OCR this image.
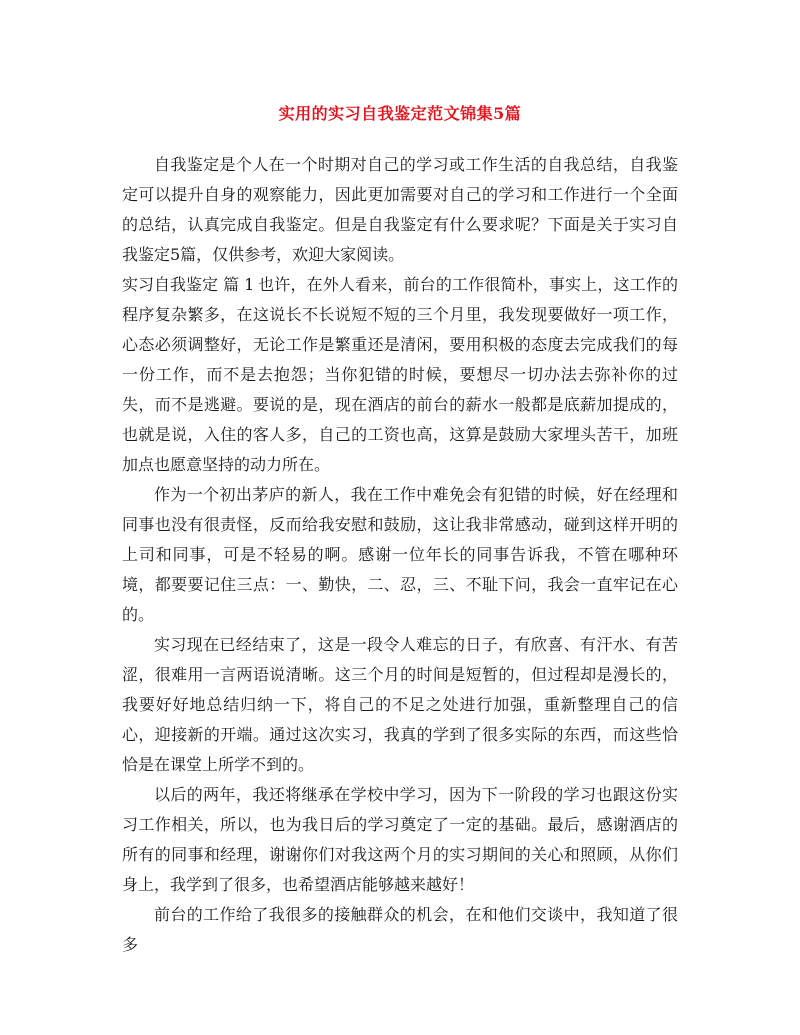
实用的实习自我鉴定范文锦集5篇

自我鉴定是个人在一个时期对自己的学习或工作生活的自我总结，自我鉴定可以提升自身的观察能力，因此更加需要对自己的学习和工作进行一个全面的总结，认真完成自我鉴定。但是自我鉴定有什么要求呢？下面是关于实习自我鉴定5篇，仅供参考，欢迎大家阅读。

实习自我鉴定 篇 1 也许，在外人看来，前台的工作很简朴，事实上，这工作的程序复杂繁多，在这说长不长说短不短的三个月里，我发现要做好一项工作，心态必须调整好，无论工作是繁重还是清闲，要用积极的态度去完成我们的每一份工作，而不是去抱怨；当你犯错的时候，要想尽一切办法去弥补你的过失，而不是逃避。要说的是，现在酒店的前台的薪水一般都是底薪加提成的，也就是说，入住的客人多，自己的工资也高，这算是鼓励大家埋头苦干，加班加点也愿意坚持的动力所在。

作为一个初出茅庐的新人，我在工作中难免会有犯错的时候，好在经理和同事也没有很责怪，反而给我安慰和鼓励，这让我非常感动，碰到这样开明的上司和同事，可是不轻易的啊。感谢一位年长的同事告诉我，不管在哪种环境，都要要记住三点：一、勤快，二、忍，三、不耻下问，我会一直牢记在心的。

实习现在已经结束了，这是一段令人难忘的日子，有欣喜、有汗水、有苦涩，很难用一言两语说清晰。这三个月的时间是短暂的，但过程却是漫长的，我要好好地总结归纳一下，将自己的不足之处进行加强，重新整理自己的信心，迎接新的开端。通过这次实习，我真的学到了很多实际的东西，而这些恰恰是在课堂上所学不到的。

以后的两年，我还将继承在学校中学习，因为下一阶段的学习也跟这份实习工作相关，所以，也为我日后的学习奠定了一定的基础。最后，感谢酒店的所有的同事和经理，谢谢你们对我这两个月的实习期间的关心和照顾，从你们身上，我学到了很多，也希望酒店能够越来越好！

前台的工作给了我很多的接触群众的机会，在和他们交谈中，我知道了很多
